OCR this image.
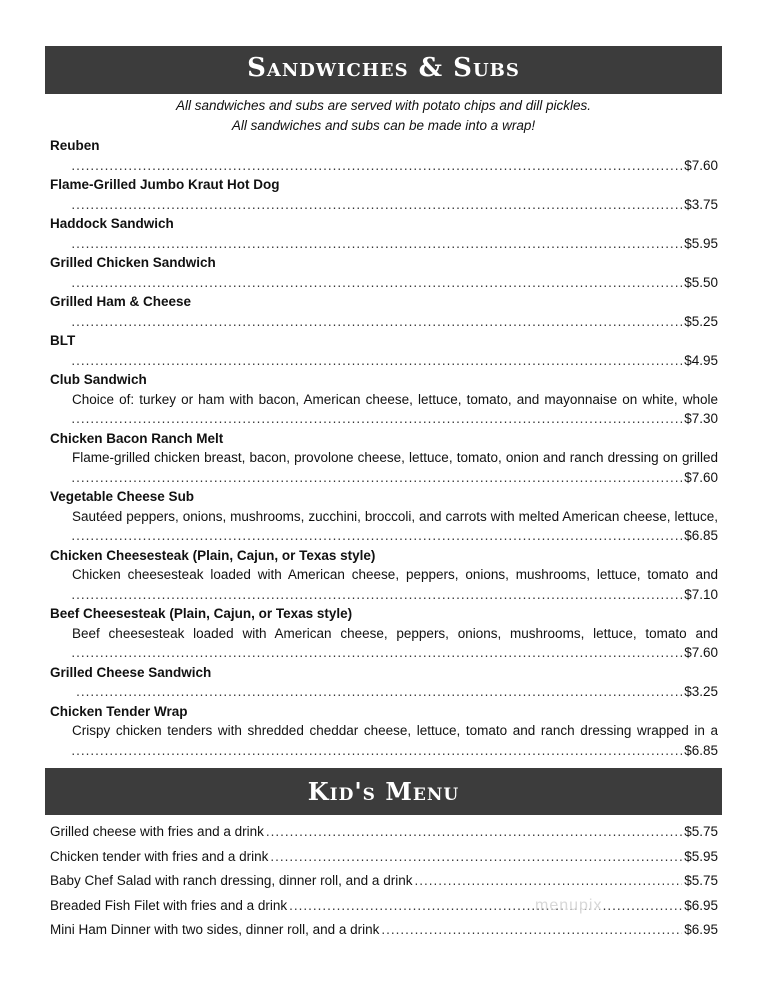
Sandwiches & Subs
All sandwiches and subs are served with potato chips and dill pickles.
All sandwiches and subs can be made into a wrap!
Reuben
..... $7.60
Flame-Grilled Jumbo Kraut Hot Dog
..... $3.75
Haddock Sandwich
..... $5.95
Grilled Chicken Sandwich
..... $5.50
Grilled Ham & Cheese
..... $5.25
BLT
..... $4.95
Club Sandwich
Choice of: turkey or ham with bacon, American cheese, lettuce, tomato, and mayonnaise on white, whole
..... $7.30
Chicken Bacon Ranch Melt
Flame-grilled chicken breast, bacon, provolone cheese, lettuce, tomato, onion and ranch dressing on grilled
..... $7.60
Vegetable Cheese Sub
Sautéed peppers, onions, mushrooms, zucchini, broccoli, and carrots with melted American cheese, lettuce,
..... $6.85
Chicken Cheesesteak (Plain, Cajun, or Texas style)
Chicken cheesesteak loaded with American cheese, peppers, onions, mushrooms, lettuce, tomato and
..... $7.10
Beef Cheesesteak (Plain, Cajun, or Texas style)
Beef cheesesteak loaded with American cheese, peppers, onions, mushrooms, lettuce, tomato and
..... $7.60
Grilled Cheese Sandwich
..... $3.25
Chicken Tender Wrap
Crispy chicken tenders with shredded cheddar cheese, lettuce, tomato and ranch dressing wrapped in a
..... $6.85
Kid's Menu
Grilled cheese with fries and a drink .....	$5.75
Chicken tender with fries and a drink .....	$5.95
Baby Chef Salad with ranch dressing, dinner roll, and a drink .....	$5.75
Breaded Fish Filet with fries and a drink .....	$6.95
Mini Ham Dinner with two sides, dinner roll, and a drink .....	$6.95
menupix
